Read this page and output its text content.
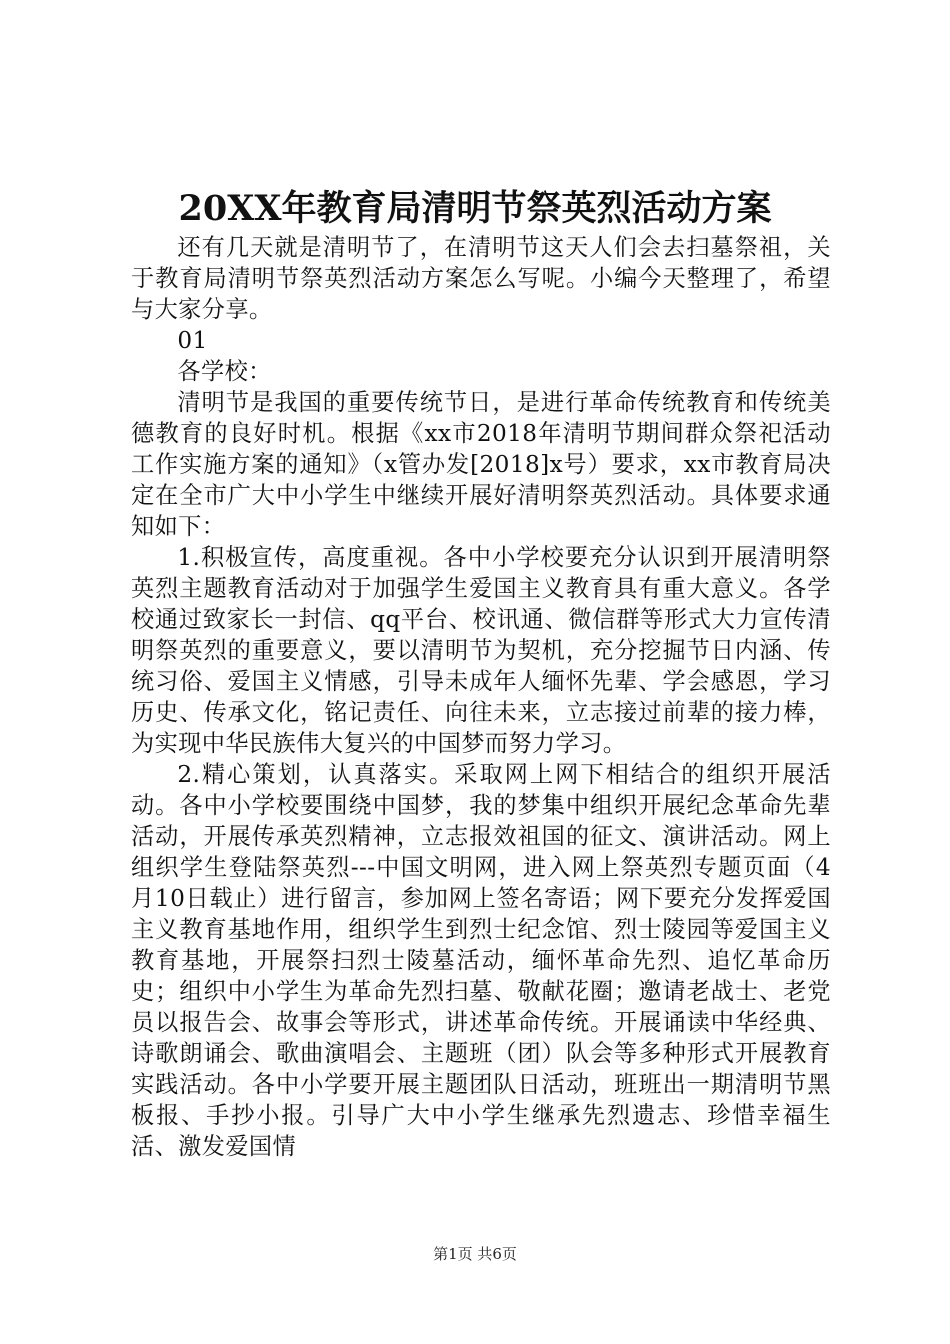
20XX年教育局清明节祭英烈活动方案

还有几天就是清明节了，在清明节这天人们会去扫墓祭祖，关于教育局清明节祭英烈活动方案怎么写呢。小编今天整理了，希望与大家分享。

01

各学校：

清明节是我国的重要传统节日，是进行革命传统教育和传统美德教育的良好时机。根据《xx市2018年清明节期间群众祭祀活动工作实施方案的通知》（x管办发[2018]x号）要求，xx市教育局决定在全市广大中小学生中继续开展好清明祭英烈活动。具体要求通知如下：

1.积极宣传，高度重视。各中小学校要充分认识到开展清明祭英烈主题教育活动对于加强学生爱国主义教育具有重大意义。各学校通过致家长一封信、qq平台、校讯通、微信群等形式大力宣传清明祭英烈的重要意义，要以清明节为契机，充分挖掘节日内涵、传统习俗、爱国主义情感，引导未成年人缅怀先辈、学会感恩，学习历史、传承文化，铭记责任、向往未来，立志接过前辈的接力棒，为实现中华民族伟大复兴的中国梦而努力学习。

2.精心策划，认真落实。采取网上网下相结合的组织开展活动。各中小学校要围绕中国梦，我的梦集中组织开展纪念革命先辈活动，开展传承英烈精神，立志报效祖国的征文、演讲活动。网上组织学生登陆祭英烈---中国文明网，进入网上祭英烈专题页面（4月10日载止）进行留言，参加网上签名寄语；网下要充分发挥爱国主义教育基地作用，组织学生到烈士纪念馆、烈士陵园等爱国主义教育基地，开展祭扫烈士陵墓活动，缅怀革命先烈、追忆革命历史；组织中小学生为革命先烈扫墓、敬献花圈；邀请老战士、老党员以报告会、故事会等形式，讲述革命传统。开展诵读中华经典、诗歌朗诵会、歌曲演唱会、主题班（团）队会等多种形式开展教育实践活动。各中小学要开展主题团队日活动，班班出一期清明节黑板报、手抄小报。引导广大中小学生继承先烈遗志、珍惜幸福生活、激发爱国情

第1页 共6页
